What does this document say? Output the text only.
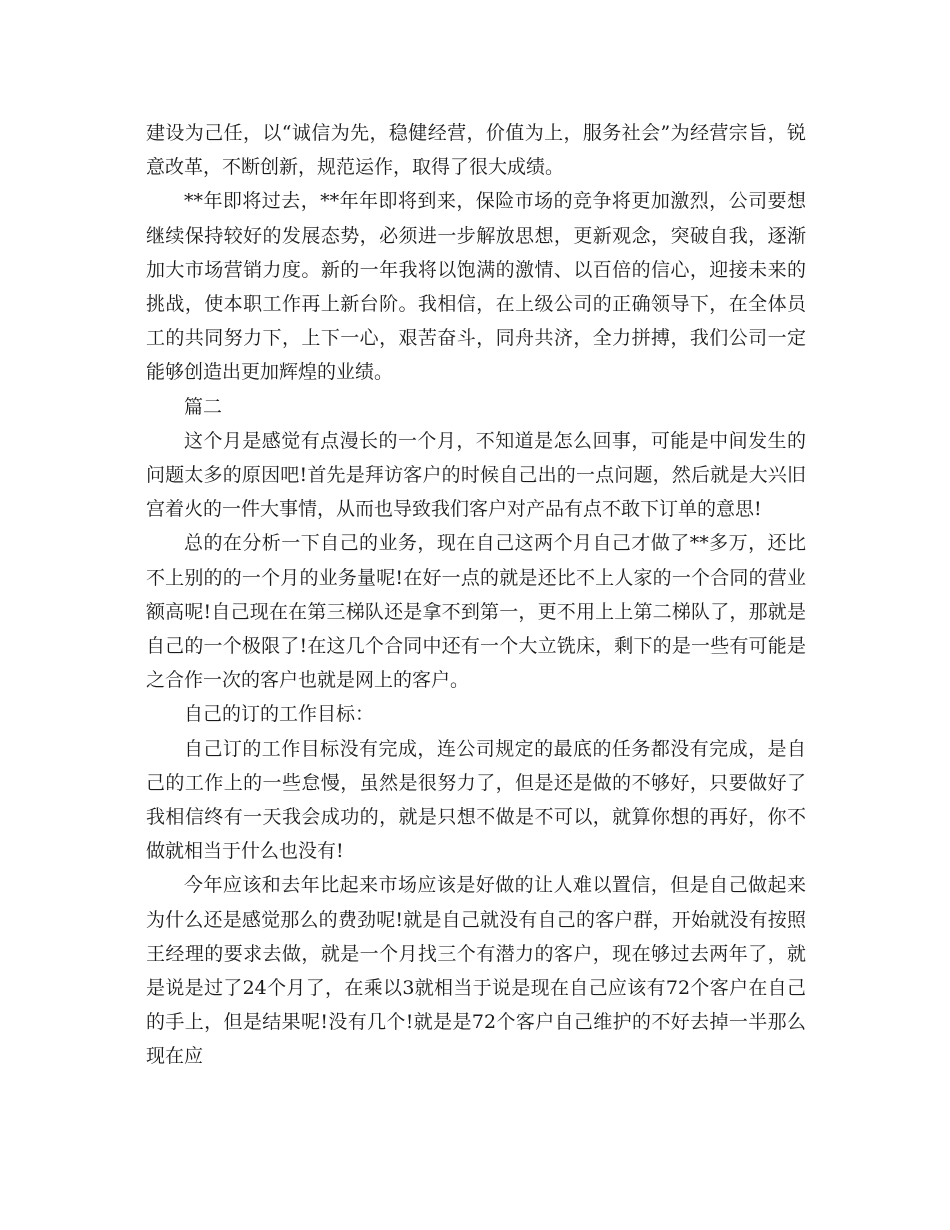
建设为己任，以“诚信为先，稳健经营，价值为上，服务社会”为经营宗旨，锐意改革，不断创新，规范运作，取得了很大成绩。

**年即将过去，**年年即将到来，保险市场的竞争将更加激烈，公司要想继续保持较好的发展态势，必须进一步解放思想，更新观念，突破自我，逐渐加大市场营销力度。新的一年我将以饱满的激情、以百倍的信心，迎接未来的挑战，使本职工作再上新台阶。我相信，在上级公司的正确领导下，在全体员工的共同努力下，上下一心，艰苦奋斗，同舟共济，全力拼搏，我们公司一定能够创造出更加辉煌的业绩。

篇二

这个月是感觉有点漫长的一个月，不知道是怎么回事，可能是中间发生的问题太多的原因吧!首先是拜访客户的时候自己出的一点问题，然后就是大兴旧宫着火的一件大事情，从而也导致我们客户对产品有点不敢下订单的意思!

总的在分析一下自己的业务，现在自己这两个月自己才做了**多万，还比不上别的的一个月的业务量呢!在好一点的就是还比不上人家的一个合同的营业额高呢!自己现在在第三梯队还是拿不到第一，更不用上上第二梯队了，那就是自己的一个极限了!在这几个合同中还有一个大立铣床，剩下的是一些有可能是之合作一次的客户也就是网上的客户。

自己的订的工作目标：

自己订的工作目标没有完成，连公司规定的最底的任务都没有完成，是自己的工作上的一些怠慢，虽然是很努力了，但是还是做的不够好，只要做好了我相信终有一天我会成功的，就是只想不做是不可以，就算你想的再好，你不做就相当于什么也没有!

今年应该和去年比起来市场应该是好做的让人难以置信，但是自己做起来为什么还是感觉那么的费劲呢!就是自己就没有自己的客户群，开始就没有按照王经理的要求去做，就是一个月找三个有潜力的客户，现在够过去两年了，就是说是过了24个月了，在乘以3就相当于说是现在自己应该有72个客户在自己的手上，但是结果呢!没有几个!就是是72个客户自己维护的不好去掉一半那么现在应
